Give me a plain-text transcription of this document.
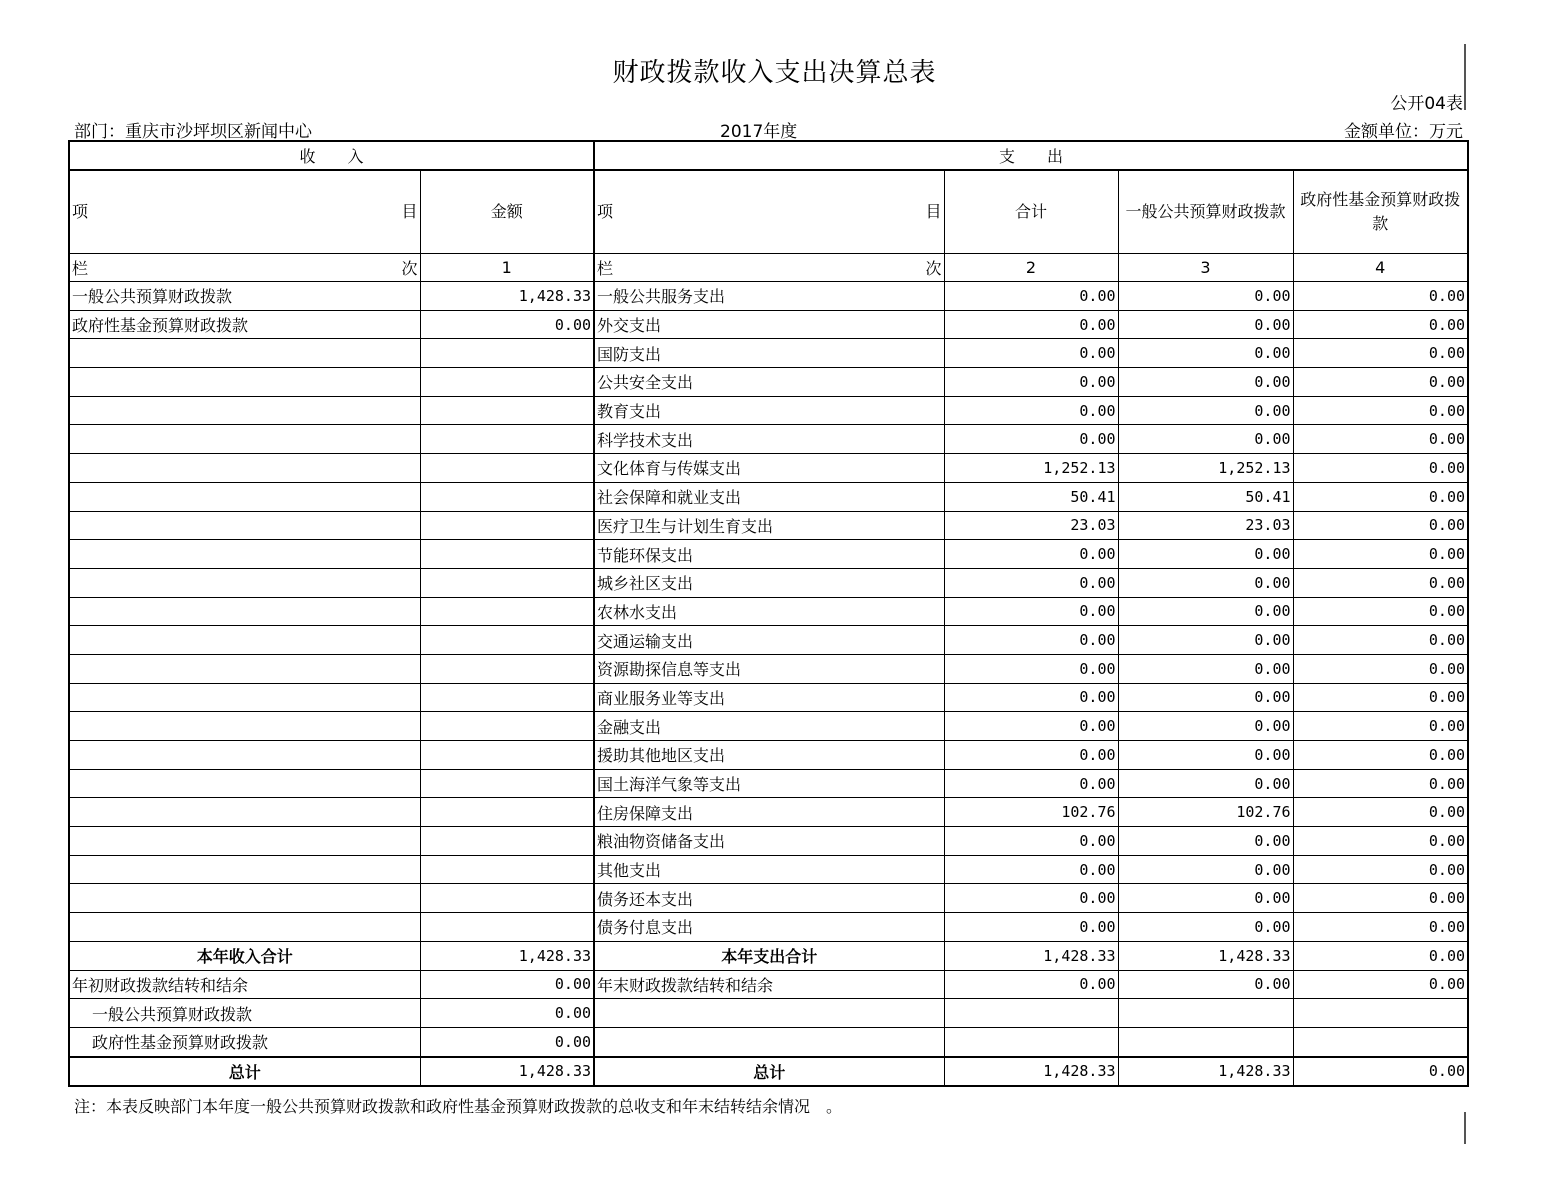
财政拨款收入支出决算总表
公开04表
部门：重庆市沙坪坝区新闻中心	2017年度	金额单位：万元
收　　入		支　　出			

项 目	金额	项 目	合计	一般公共预算财政拨款	政府性基金预算财政拨款

栏 次	1	栏 次	2	3	4
一般公共预算财政拨款	1,428.33	一般公共服务支出	0.00	0.00	0.00
政府性基金预算财政拨款	0.00	外交支出	0.00	0.00	0.00
		国防支出	0.00	0.00	0.00
		公共安全支出	0.00	0.00	0.00
		教育支出	0.00	0.00	0.00
		科学技术支出	0.00	0.00	0.00
		文化体育与传媒支出	1,252.13	1,252.13	0.00
		社会保障和就业支出	50.41	50.41	0.00
		医疗卫生与计划生育支出	23.03	23.03	0.00
		节能环保支出	0.00	0.00	0.00
		城乡社区支出	0.00	0.00	0.00
		农林水支出	0.00	0.00	0.00
		交通运输支出	0.00	0.00	0.00
		资源勘探信息等支出	0.00	0.00	0.00
		商业服务业等支出	0.00	0.00	0.00
		金融支出	0.00	0.00	0.00
		援助其他地区支出	0.00	0.00	0.00
		国土海洋气象等支出	0.00	0.00	0.00
		住房保障支出	102.76	102.76	0.00
		粮油物资储备支出	0.00	0.00	0.00
		其他支出	0.00	0.00	0.00
		债务还本支出	0.00	0.00	0.00
		债务付息支出	0.00	0.00	0.00
本年收入合计	1,428.33	本年支出合计	1,428.33	1,428.33	0.00
年初财政拨款结转和结余	0.00	年末财政拨款结转和结余	0.00	0.00	0.00
一般公共预算财政拨款	0.00				
政府性基金预算财政拨款	0.00				
总计	1,428.33	总计	1,428.33	1,428.33	0.00
注：本表反映部门本年度一般公共预算财政拨款和政府性基金预算财政拨款的总收支和年末结转结余情况　。
